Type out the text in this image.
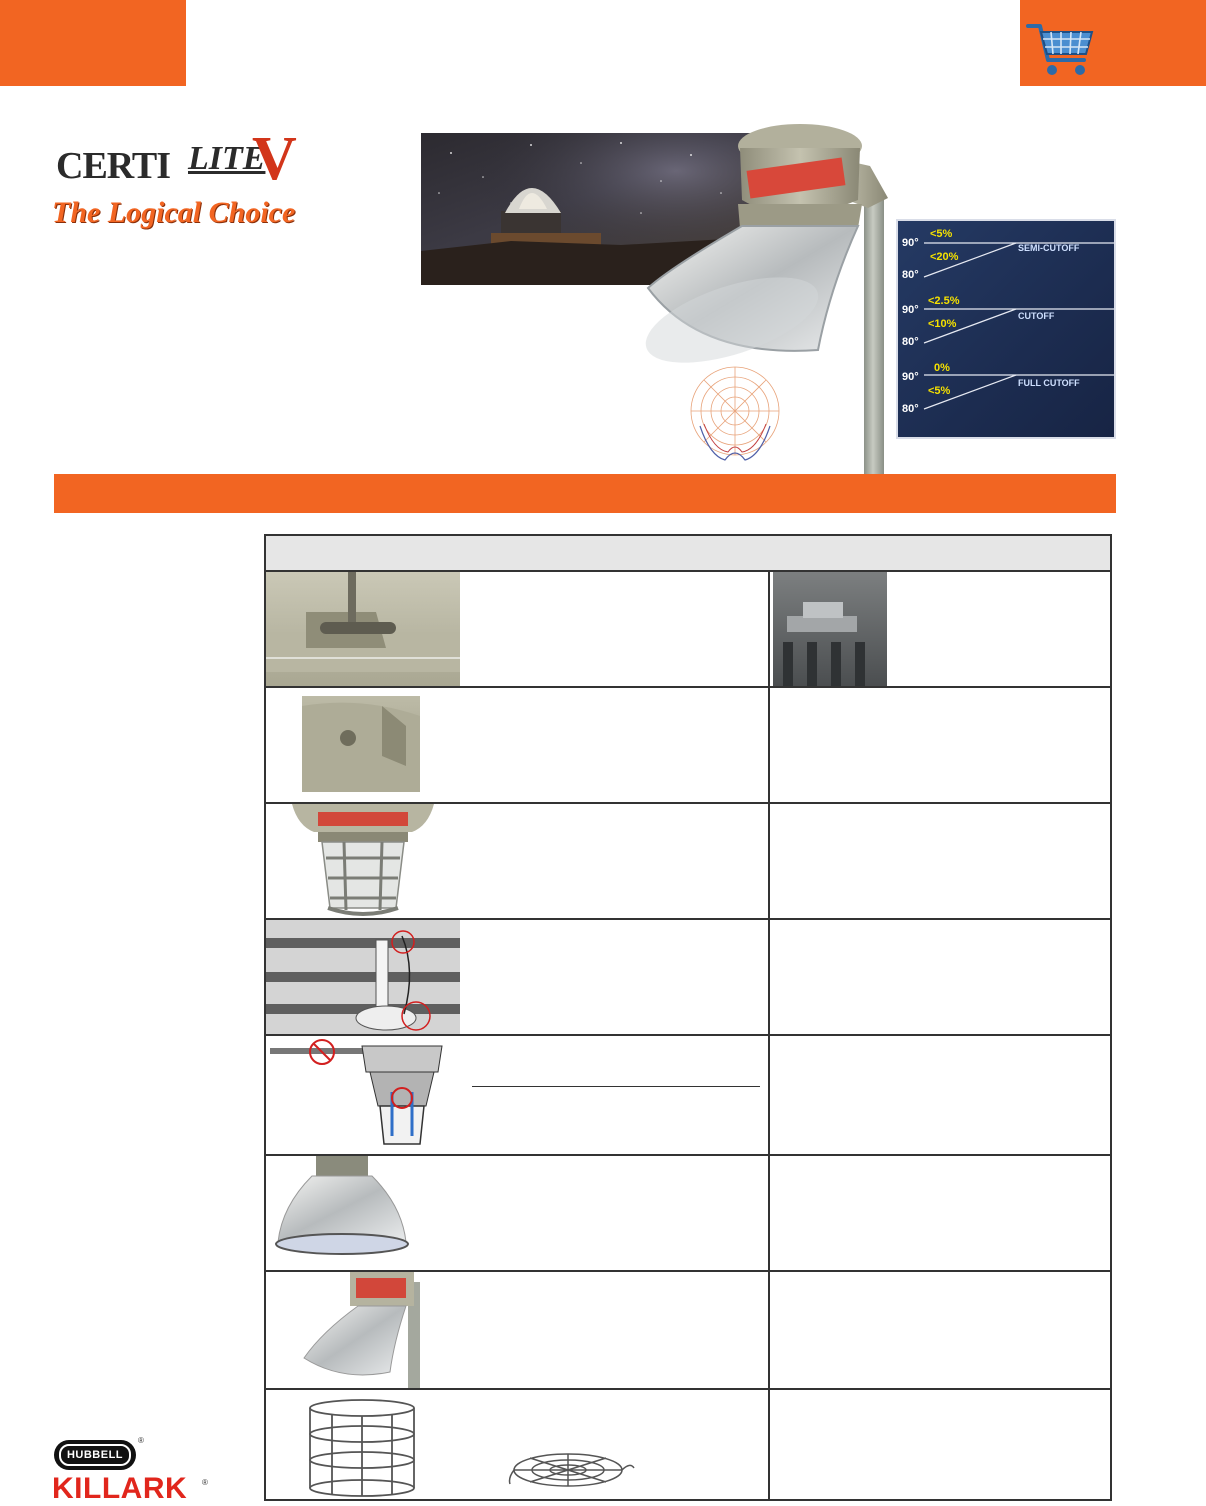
CERTI LITE
V
The Logical Choice
90°
<5%
<20%
80°
SEMI-CUTOFF
90°
<2.5%
<10%
80°
CUTOFF
90°
0%
<5%
80°
FULL CUTOFF
HUBBELL
®
KILLARK ®
